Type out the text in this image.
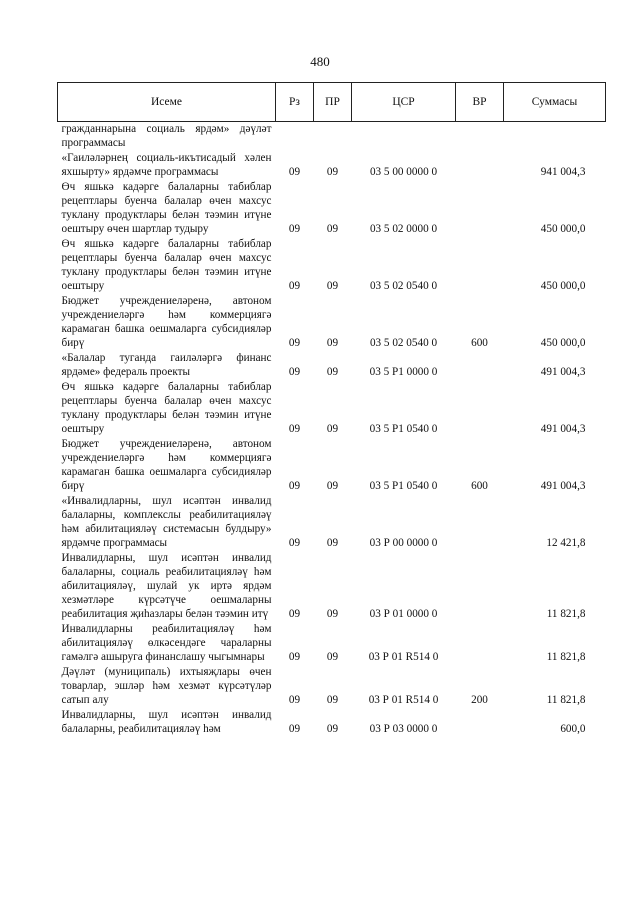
480
Исеме	Рз	ПР	ЦСР	ВР	Суммасы
гражданнарына социаль ярдәм» дәүләт программасы					
«Гаиләләрнең социаль-икътисадый хәлен яхшырту» ярдәмче программасы	09	09	03 5 00 0000 0		941 004,3
Өч яшькә кадәрге балаларны табиблар рецептлары буенча балалар өчен махсус туклану продуктлары белән тәэмин итүне оештыру өчен шартлар тудыру	09	09	03 5 02 0000 0		450 000,0
Өч яшькә кадәрге балаларны табиблар рецептлары буенча балалар өчен махсус туклану продуктлары белән тәэмин итүне оештыру	09	09	03 5 02 0540 0		450 000,0
Бюджет учреждениеләренә, автоном учреждениеләргә һәм коммерциягә карамаган башка оешмаларга субсидияләр бирү	09	09	03 5 02 0540 0	600	450 000,0
«Балалар туганда гаиләләргә финанс ярдәме» федераль проекты	09	09	03 5 P1 0000 0		491 004,3
Өч яшькә кадәрге балаларны табиблар рецептлары буенча балалар өчен махсус туклану продуктлары белән тәэмин итүне оештыру	09	09	03 5 P1 0540 0		491 004,3
Бюджет учреждениеләренә, автоном учреждениеләргә һәм коммерциягә карамаган башка оешмаларга субсидияләр бирү	09	09	03 5 P1 0540 0	600	491 004,3
«Инвалидларны, шул исәптән инвалид балаларны, комплекслы реабилитацияләү һәм абилитацияләү системасын булдыру» ярдәмче программасы	09	09	03 Р 00 0000 0		12 421,8
Инвалидларны, шул исәптән инвалид балаларны, социаль реабилитацияләү һәм абилитацияләү, шулай ук иртә ярдәм хезмәтләре күрсәтүче оешмаларны реабилитация җиһазлары белән тәэмин итү	09	09	03 Р 01 0000 0		11 821,8
Инвалидларны реабилитацияләү һәм абилитацияләү өлкәсендәге чараларны гамәлгә ашыруга финанслашу чыгымнары	09	09	03 Р 01 R514 0		11 821,8
Дәүләт (муниципаль) ихтыяҗлары өчен товарлар, эшләр һәм хезмәт күрсәтүләр сатып алу	09	09	03 Р 01 R514 0	200	11 821,8
Инвалидларны, шул исәптән инвалид балаларны, реабилитацияләү һәм	09	09	03 Р 03 0000 0		600,0
